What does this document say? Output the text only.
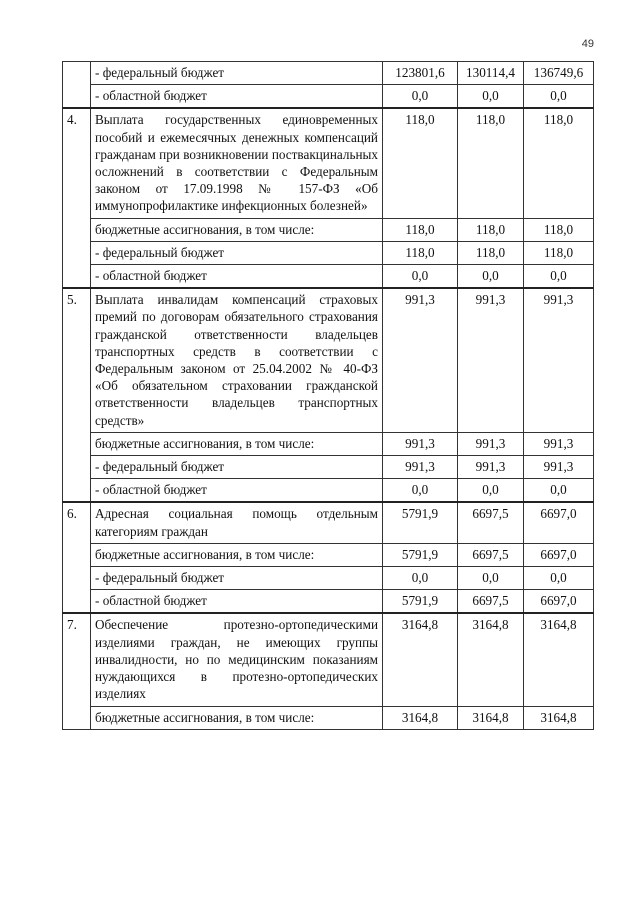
49
	- федеральный бюджет	123801,6	130114,4	136749,6
	- областной бюджет	0,0	0,0	0,0
4.	Выплата государственных единовременных пособий и ежемесячных денежных компенсаций гражданам при возникновении поствакцинальных осложнений в соответствии с Федеральным законом от 17.09.1998 № 157-ФЗ «Об иммунопрофилактике инфекционных болезней»	118,0	118,0	118,0
	бюджетные ассигнования, в том числе:	118,0	118,0	118,0
	- федеральный бюджет	118,0	118,0	118,0
	- областной бюджет	0,0	0,0	0,0
5.	Выплата инвалидам компенсаций страховых премий по договорам обязательного страхования гражданской ответственности владельцев транспортных средств в соответствии с Федеральным законом от 25.04.2002 № 40-ФЗ «Об обязательном страховании гражданской ответственности владельцев транспортных средств»	991,3	991,3	991,3
	бюджетные ассигнования, в том числе:	991,3	991,3	991,3
	- федеральный бюджет	991,3	991,3	991,3
	- областной бюджет	0,0	0,0	0,0
6.	Адресная социальная помощь отдельным категориям граждан	5791,9	6697,5	6697,0
	бюджетные ассигнования, в том числе:	5791,9	6697,5	6697,0
	- федеральный бюджет	0,0	0,0	0,0
	- областной бюджет	5791,9	6697,5	6697,0
7.	Обеспечение протезно-ортопедическими изделиями граждан, не имеющих группы инвалидности, но по медицинским показаниям нуждающихся в протезно-ортопедических изделиях	3164,8	3164,8	3164,8
	бюджетные ассигнования, в том числе:	3164,8	3164,8	3164,8
